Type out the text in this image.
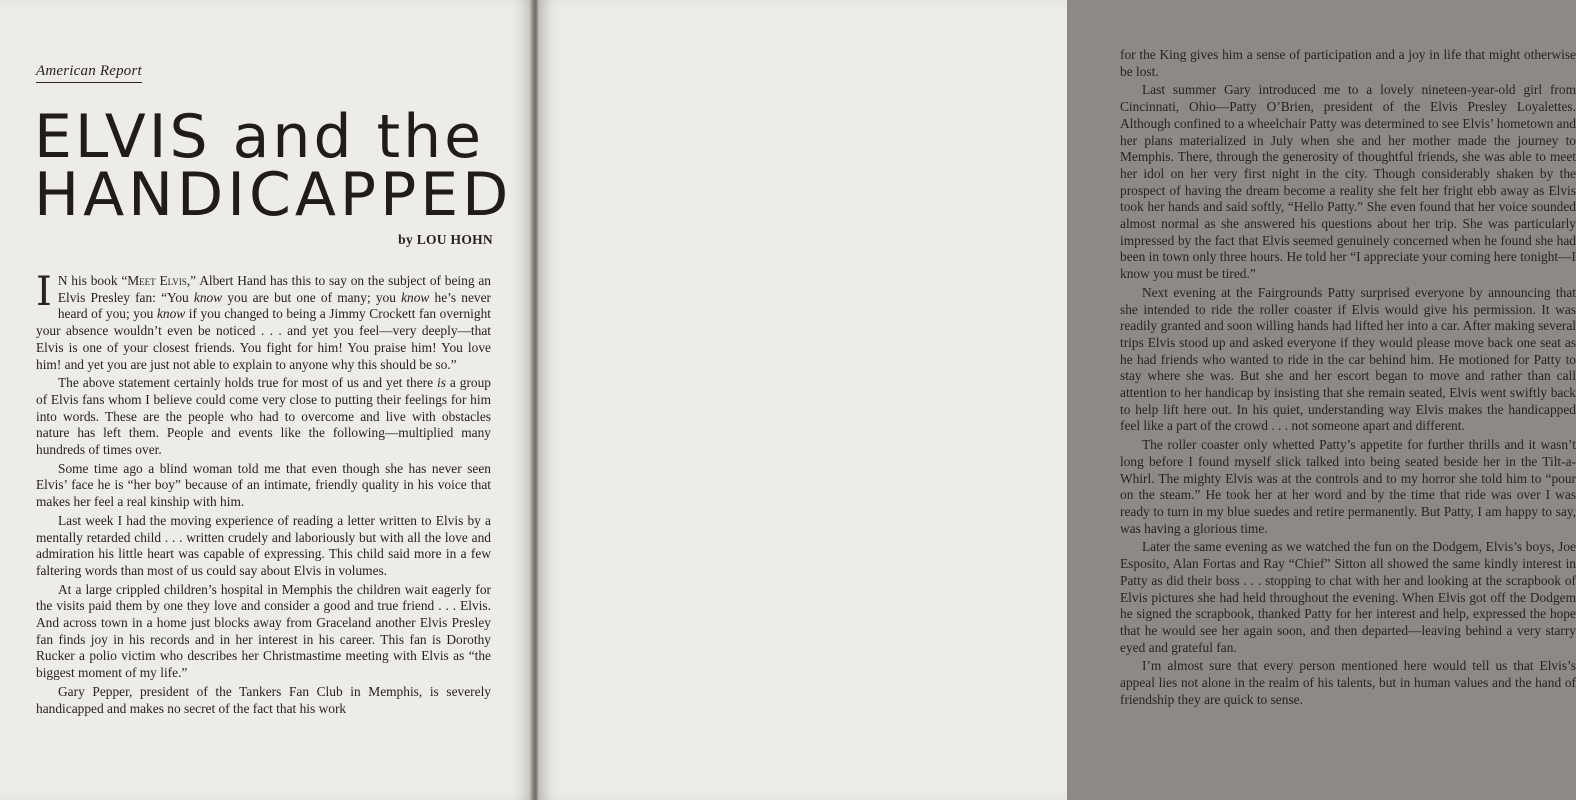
American Report
ELVIS and the
HANDICAPPED
by LOU HOHN

I N his book “Meet Elvis,” Albert Hand has this to say on the subject of being an Elvis Presley fan: “You know you are but one of many; you know he’s never heard of you; you know if you changed to being a Jimmy Crockett fan overnight your absence wouldn’t even be noticed . . . and yet you feel—very deeply—that Elvis is one of your closest friends. You fight for him! You praise him! You love him! and yet you are just not able to explain to anyone why this should be so.”

The above statement certainly holds true for most of us and yet there is a group of Elvis fans whom I believe could come very close to putting their feelings for him into words. These are the people who had to overcome and live with obstacles nature has left them. People and events like the following—multiplied many hundreds of times over.

Some time ago a blind woman told me that even though she has never seen Elvis’ face he is “her boy” because of an intimate, friendly quality in his voice that makes her feel a real kinship with him.

Last week I had the moving experience of reading a letter written to Elvis by a mentally retarded child . . . written crudely and laboriously but with all the love and admiration his little heart was capable of expressing. This child said more in a few faltering words than most of us could say about Elvis in volumes.

At a large crippled children’s hospital in Memphis the children wait eagerly for the visits paid them by one they love and consider a good and true friend . . . Elvis. And across town in a home just blocks away from Graceland another Elvis Presley fan finds joy in his records and in her interest in his career. This fan is Dorothy Rucker a polio victim who describes her Christmastime meeting with Elvis as “the biggest moment of my life.”

Gary Pepper, president of the Tankers Fan Club in Memphis, is severely handicapped and makes no secret of the fact that his work

for the King gives him a sense of participation and a joy in life that might otherwise be lost.

Last summer Gary introduced me to a lovely nineteen-year-old girl from Cincinnati, Ohio—Patty O’Brien, president of the Elvis Presley Loyalettes. Although confined to a wheelchair Patty was determined to see Elvis’ hometown and her plans materialized in July when she and her mother made the journey to Memphis. There, through the generosity of thoughtful friends, she was able to meet her idol on her very first night in the city. Though considerably shaken by the prospect of having the dream become a reality she felt her fright ebb away as Elvis took her hands and said softly, “Hello Patty.” She even found that her voice sounded almost normal as she answered his questions about her trip. She was particularly impressed by the fact that Elvis seemed genuinely concerned when he found she had been in town only three hours. He told her “I appreciate your coming here tonight—I know you must be tired.”

Next evening at the Fairgrounds Patty surprised everyone by announcing that she intended to ride the roller coaster if Elvis would give his permission. It was readily granted and soon willing hands had lifted her into a car. After making several trips Elvis stood up and asked everyone if they would please move back one seat as he had friends who wanted to ride in the car behind him. He motioned for Patty to stay where she was. But she and her escort began to move and rather than call attention to her handicap by insisting that she remain seated, Elvis went swiftly back to help lift here out. In his quiet, understanding way Elvis makes the handicapped feel like a part of the crowd . . . not someone apart and different.

The roller coaster only whetted Patty’s appetite for further thrills and it wasn’t long before I found myself slick talked into being seated beside her in the Tilt-a-Whirl. The mighty Elvis was at the controls and to my horror she told him to “pour on the steam.” He took her at her word and by the time that ride was over I was ready to turn in my blue suedes and retire permanently. But Patty, I am happy to say, was having a glorious time.

Later the same evening as we watched the fun on the Dodgem, Elvis’s boys, Joe Esposito, Alan Fortas and Ray “Chief” Sitton all showed the same kindly interest in Patty as did their boss . . . stopping to chat with her and looking at the scrapbook of Elvis pictures she had held throughout the evening. When Elvis got off the Dodgem he signed the scrapbook, thanked Patty for her interest and help, expressed the hope that he would see her again soon, and then departed—leaving behind a very starry eyed and grateful fan.

I’m almost sure that every person mentioned here would tell us that Elvis’s appeal lies not alone in the realm of his talents, but in human values and the hand of friendship they are quick to sense.
